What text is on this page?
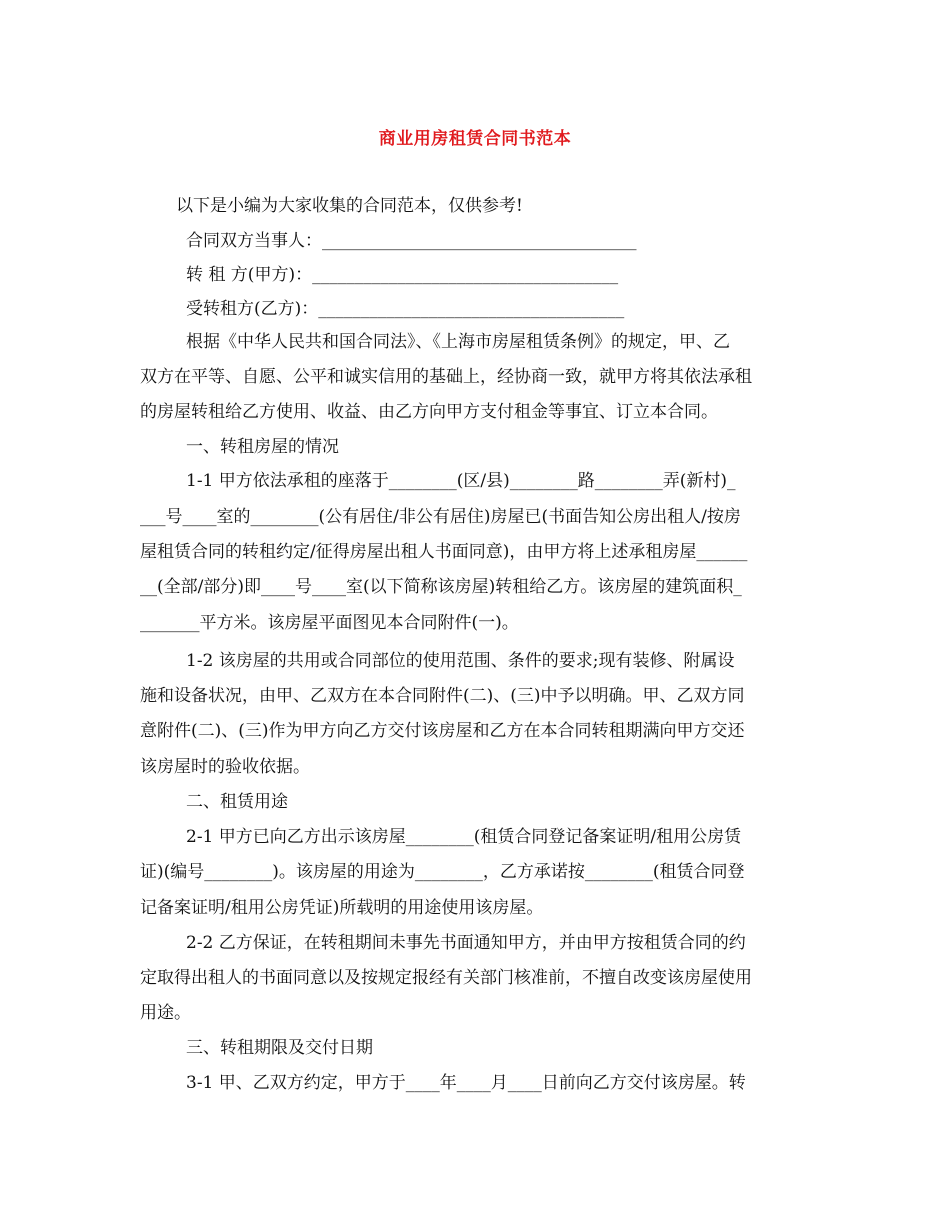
商业用房租赁合同书范本
以下是小编为大家收集的合同范本，仅供参考!
合同双方当事人：_____________________________________
转 租 方(甲方)：____________________________________
受转租方(乙方)：____________________________________
根据《中华人民共和国合同法》、《上海市房屋租赁条例》的规定，甲、乙
双方在平等、自愿、公平和诚实信用的基础上，经协商一致，就甲方将其依法承租
的房屋转租给乙方使用、收益、由乙方向甲方支付租金等事宜、订立本合同。
一、转租房屋的情况
1-1 甲方依法承租的座落于________(区/县)________路________弄(新村)_
___号____室的________(公有居住/非公有居住)房屋已(书面告知公房出租人/按房
屋租赁合同的转租约定/征得房屋出租人书面同意)，由甲方将上述承租房屋______
__(全部/部分)即____号____室(以下简称该房屋)转租给乙方。该房屋的建筑面积_
_______平方米。该房屋平面图见本合同附件(一)。
1-2 该房屋的共用或合同部位的使用范围、条件的要求;现有装修、附属设
施和设备状况，由甲、乙双方在本合同附件(二)、(三)中予以明确。甲、乙双方同
意附件(二)、(三)作为甲方向乙方交付该房屋和乙方在本合同转租期满向甲方交还
该房屋时的验收依据。
二、租赁用途
2-1 甲方已向乙方出示该房屋________(租赁合同登记备案证明/租用公房赁
证)(编号________)。该房屋的用途为________，乙方承诺按________(租赁合同登
记备案证明/租用公房凭证)所载明的用途使用该房屋。
2-2 乙方保证，在转租期间未事先书面通知甲方，并由甲方按租赁合同的约
定取得出租人的书面同意以及按规定报经有关部门核准前，不擅自改变该房屋使用
用途。
三、转租期限及交付日期
3-1 甲、乙双方约定，甲方于____年____月____日前向乙方交付该房屋。转
